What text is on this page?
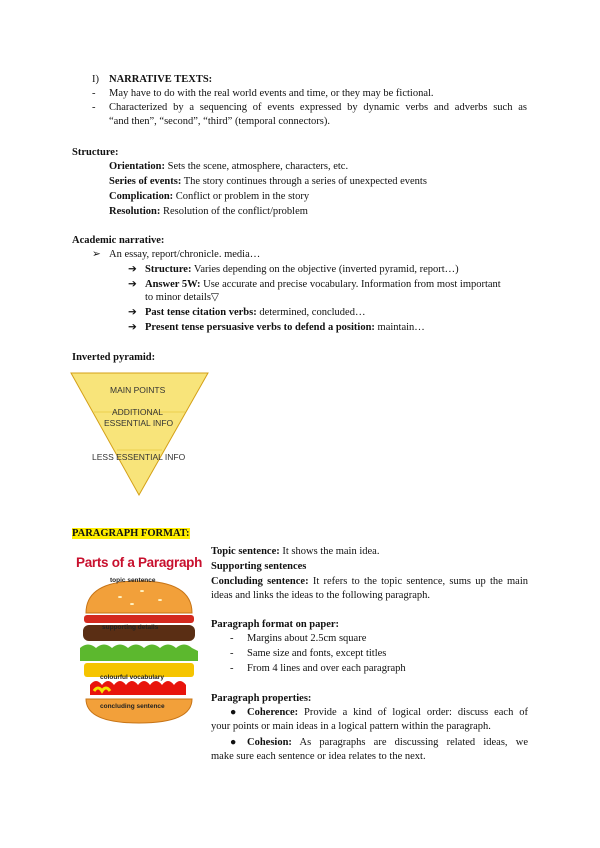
I) NARRATIVE TEXTS:
- May have to do with the real world events and time, or they may be fictional.
- Characterized by a sequencing of events expressed by dynamic verbs and adverbs such as
“and then”, “second”, “third” (temporal connectors).
Structure:
Orientation: Sets the scene, atmosphere, characters, etc.
Series of events: The story continues through a series of unexpected events
Complication: Conflict or problem in the story
Resolution: Resolution of the conflict/problem
Academic narrative:
➢ An essay, report/chronicle. media…
➔ Structure: Varies depending on the objective (inverted pyramid, report…)
➔ Answer 5W: Use accurate and precise vocabulary. Information from most important
to minor details▽
➔ Past tense citation verbs: determined, concluded…
➔ Present tense persuasive verbs to defend a position: maintain…
Inverted pyramid:
MAIN POINTS
ADDITIONAL
ESSENTIAL INFO
LESS ESSENTIAL INFO
PARAGRAPH FORMAT:
Parts of a Paragraph
topic sentence
supporting details
colourful vocabulary
concluding sentence
Topic sentence: It shows the main idea.
Supporting sentences
Concluding sentence: It refers to the topic sentence, sums up the main
ideas and links the ideas to the following paragraph.
Paragraph format on paper:
- Margins about 2.5cm square
- Same size and fonts, except titles
- From 4 lines and over each paragraph
Paragraph properties:
● Coherence: Provide a kind of logical order: discuss each of
your points or main ideas in a logical pattern within the paragraph.
● Cohesion: As paragraphs are discussing related ideas, we
make sure each sentence or idea relates to the next.
